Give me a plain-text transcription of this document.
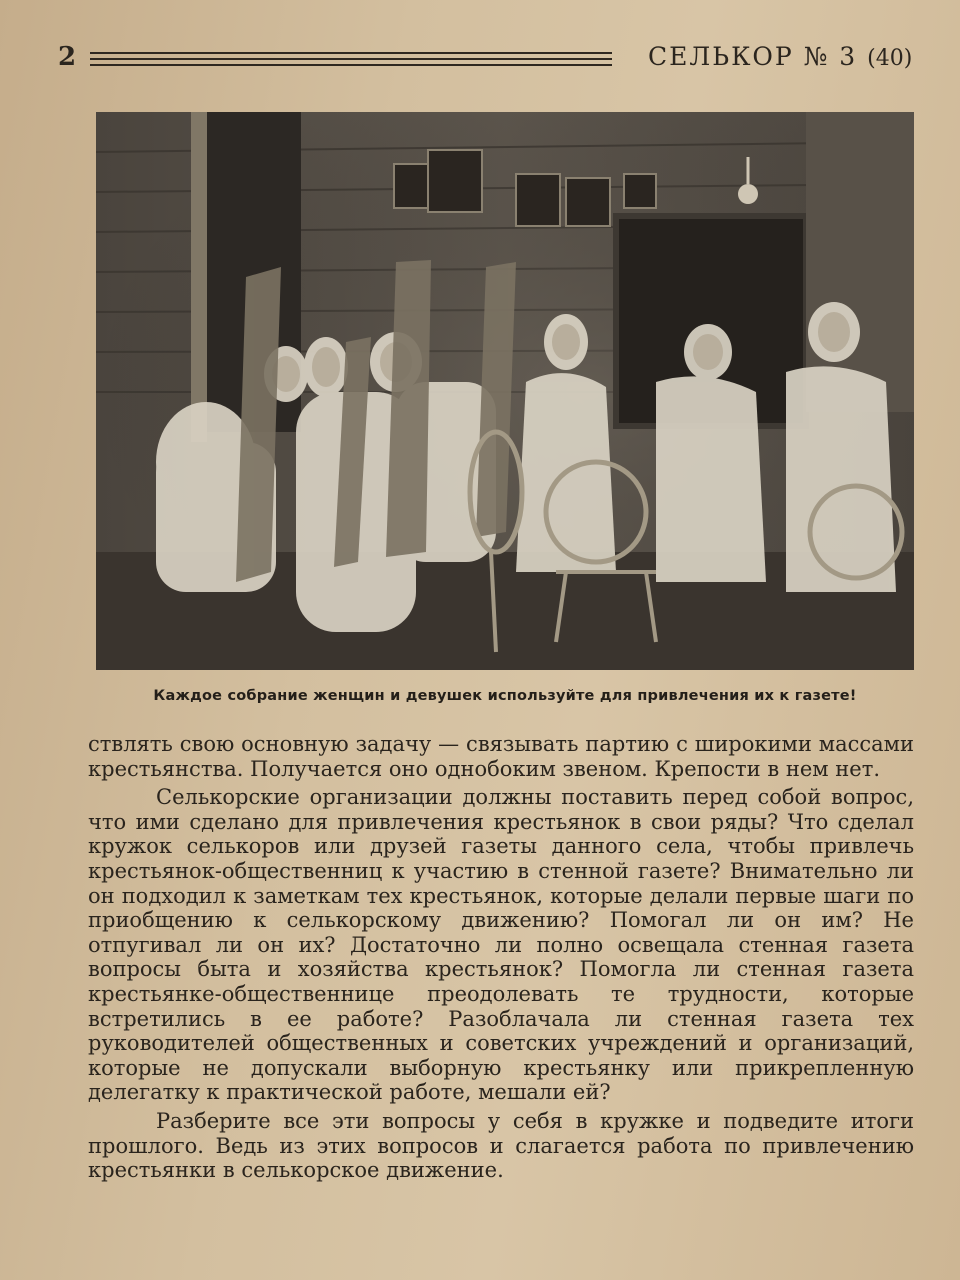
2	СЕЛЬКОР № 3 (40)
Каждое собрание женщин и девушек используйте для привлечения их к газете!

ствлять свою основную задачу — связывать партию с широкими массами крестьянства. Получается оно однобоким звеном. Крепости в нем нет.

Селькорские организации должны поставить перед собой вопрос, что ими сделано для привлечения крестьянок в свои ряды? Что сделал кружок селькоров или друзей газеты данного села, чтобы привлечь крестьянок-общественниц к участию в стенной газете? Внимательно ли он подходил к заметкам тех крестьянок, которые делали первые шаги по приобщению к селькорскому движению? Помогал ли он им? Не отпугивал ли он их? Достаточно ли полно освещала стенная газета вопросы быта и хозяйства крестьянок? Помогла ли стенная газета крестьянке-общественнице преодолевать те трудности, которые встретились в ее работе? Разоблачала ли стенная газета тех руководителей общественных и советских учреждений и организаций, которые не допускали выборную крестьянку или прикрепленную делегатку к практической работе, мешали ей?

Разберите все эти вопросы у себя в кружке и подведите итоги прошлого. Ведь из этих вопросов и слагается работа по привлечению крестьянки в селькорское движение.
